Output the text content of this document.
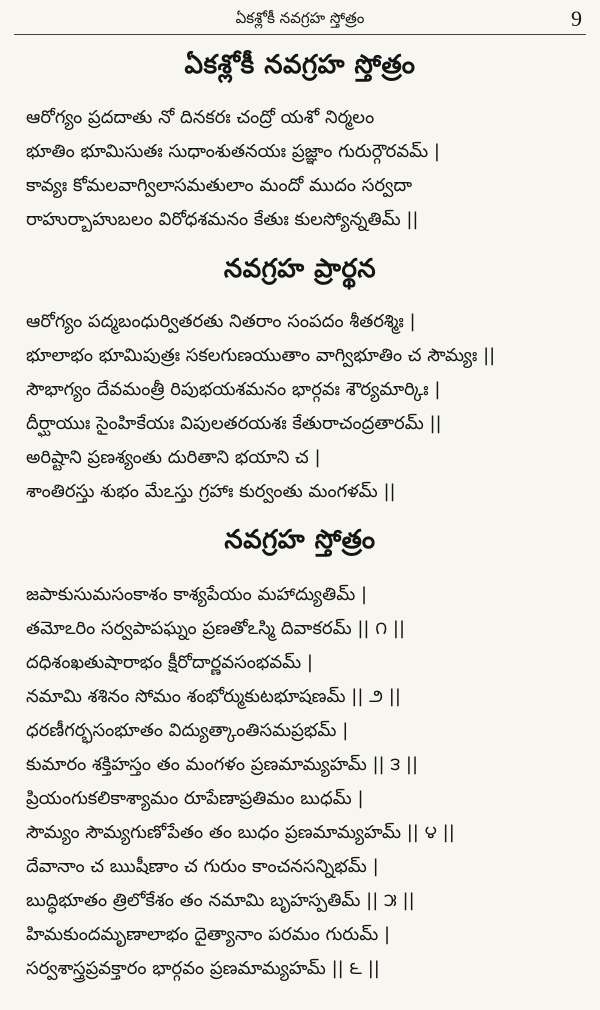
ఏకశ్లోకీ నవగ్రహ స్తోత్రం	9
ఏకశ్లోకీ నవగ్రహ స్తోత్రం
ఆరోగ్యం ప్రదదాతు నో దినకరః చంద్రో యశో నిర్మలం
భూతిం భూమిసుతః సుధాంశుతనయః ప్రజ్ఞాం గురుర్గౌరవమ్ |
కావ్యః కోమలవాగ్విలాసమతులాం మందో ముదం సర్వదా
రాహుర్బాహుబలం విరోధశమనం కేతుః కులస్యోన్నతిమ్ ||
నవగ్రహ ప్రార్థన
ఆరోగ్యం పద్మబంధుర్వితరతు నితరాం సంపదం శీతరశ్మిః |
భూలాభం భూమిపుత్రః సకలగుణయుతాం వాగ్విభూతిం చ సౌమ్యః ||
సౌభాగ్యం దేవమంత్రీ రిపుభయశమనం భార్గవః శౌర్యమార్కిః |
దీర్ఘాయుః సైంహికేయః విపులతరయశః కేతురాచంద్రతారమ్ ||
అరిష్టాని ప్రణశ్యంతు దురితాని భయాని చ |
శాంతిరస్తు శుభం మేఽస్తు గ్రహాః కుర్వంతు మంగళమ్ ||
నవగ్రహ స్తోత్రం
జపాకుసుమసంకాశం కాశ్యపేయం మహాద్యుతిమ్ |
తమోఽరిం సర్వపాపఘ్నం ప్రణతోఽస్మి దివాకరమ్ || ౧ ||
దధిశంఖతుషారాభం క్షీరోదార్ణవసంభవమ్ |
నమామి శశినం సోమం శంభోర్ముకుటభూషణమ్ || ౨ ||
ధరణీగర్భసంభూతం విద్యుత్కాంతిసమప్రభమ్ |
కుమారం శక్తిహస్తం తం మంగళం ప్రణమామ్యహమ్ || ౩ ||
ప్రియంగుకలికాశ్యామం రూపేణాప్రతిమం బుధమ్ |
సౌమ్యం సౌమ్యగుణోపేతం తం బుధం ప్రణమామ్యహమ్ || ౪ ||
దేవానాం చ ఋషీణాం చ గురుం కాంచనసన్నిభమ్ |
బుద్ధిభూతం త్రిలోకేశం తం నమామి బృహస్పతిమ్ || ౫ ||
హిమకుందమృణాలాభం దైత్యానాం పరమం గురుమ్ |
సర్వశాస్త్రప్రవక్తారం భార్గవం ప్రణమామ్యహమ్ || ౬ ||
